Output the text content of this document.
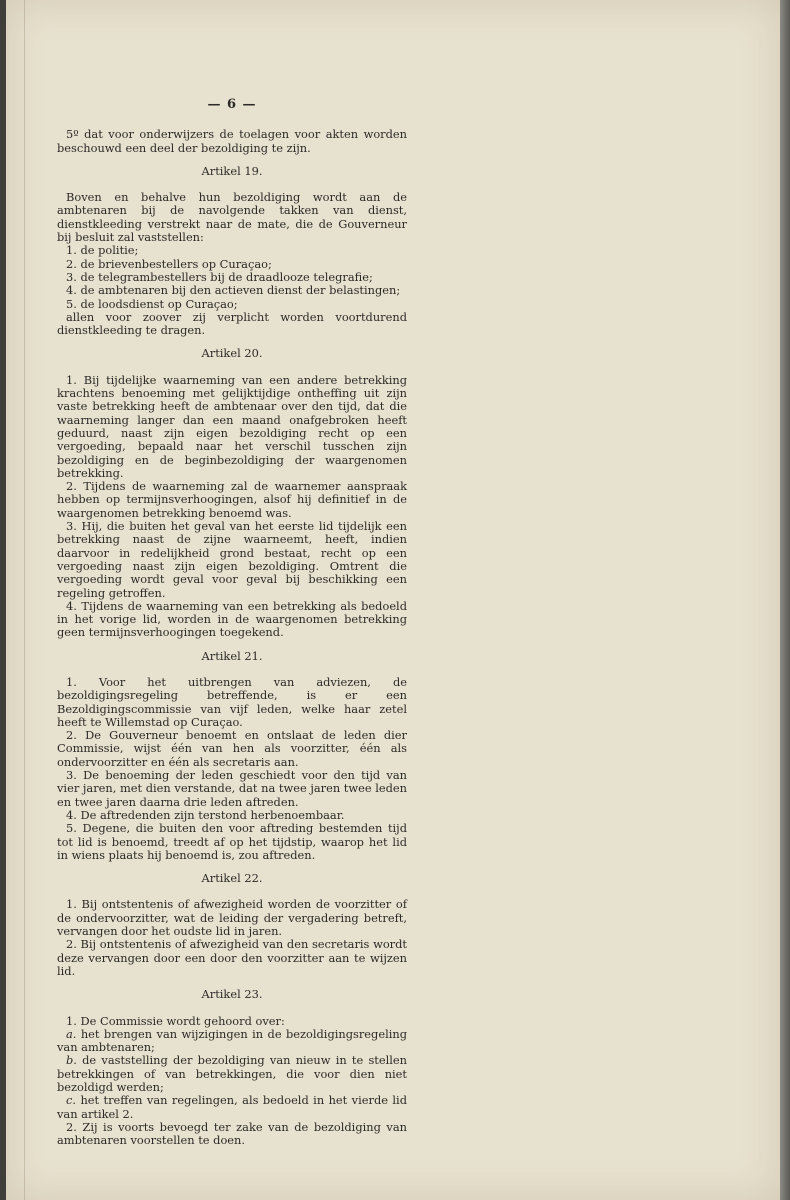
— 6 —

5º dat voor onderwijzers de toelagen voor akten worden beschouwd een deel der bezoldiging te zijn.

Artikel 19.

Boven en behalve hun bezoldiging wordt aan de ambtenaren bij de navolgende takken van dienst, dienstkleeding verstrekt naar de mate, die de Gouverneur bij besluit zal vaststellen:

1. de politie;

2. de brievenbestellers op Curaçao;

3. de telegrambestellers bij de draadlooze telegrafie;

4. de ambtenaren bij den actieven dienst der belastingen;

5. de loodsdienst op Curaçao;

allen voor zoover zij verplicht worden voortdurend dienstkleeding te dragen.

Artikel 20.

1. Bij tijdelijke waarneming van een andere betrekking krachtens benoeming met gelijktijdige ontheffing uit zijn vaste betrekking heeft de ambtenaar over den tijd, dat die waarneming langer dan een maand onafgebroken heeft geduurd, naast zijn eigen bezoldiging recht op een vergoeding, bepaald naar het verschil tusschen zijn bezoldiging en de beginbezoldiging der waargenomen betrekking.

2. Tijdens de waarneming zal de waarnemer aanspraak hebben op termijnsverhoogingen, alsof hij definitief in de waargenomen betrekking benoemd was.

3. Hij, die buiten het geval van het eerste lid tijdelijk een betrekking naast de zijne waarneemt, heeft, indien daarvoor in redelijkheid grond bestaat, recht op een vergoeding naast zijn eigen bezoldiging. Omtrent die vergoeding wordt geval voor geval bij beschikking een regeling getroffen.

4. Tijdens de waarneming van een betrekking als bedoeld in het vorige lid, worden in de waargenomen betrekking geen termijnsverhoogingen toegekend.

Artikel 21.

1. Voor het uitbrengen van adviezen, de bezoldigingsregeling betreffende, is er een Bezoldigingscommissie van vijf leden, welke haar zetel heeft te Willemstad op Curaçao.

2. De Gouverneur benoemt en ontslaat de leden dier Commissie, wijst één van hen als voorzitter, één als ondervoorzitter en één als secretaris aan.

3. De benoeming der leden geschiedt voor den tijd van vier jaren, met dien verstande, dat na twee jaren twee leden en twee jaren daarna drie leden aftreden.

4. De aftredenden zijn terstond herbenoembaar.

5. Degene, die buiten den voor aftreding bestemden tijd tot lid is benoemd, treedt af op het tijdstip, waarop het lid in wiens plaats hij benoemd is, zou aftreden.

Artikel 22.

1. Bij ontstentenis of afwezigheid worden de voorzitter of de ondervoorzitter, wat de leiding der vergadering betreft, vervangen door het oudste lid in jaren.

2. Bij ontstentenis of afwezigheid van den secretaris wordt deze vervangen door een door den voorzitter aan te wijzen lid.

Artikel 23.

1. De Commissie wordt gehoord over:

a. het brengen van wijzigingen in de bezoldigingsregeling van ambtenaren;

b. de vaststelling der bezoldiging van nieuw in te stellen betrekkingen of van betrekkingen, die voor dien niet bezoldigd werden;

c. het treffen van regelingen, als bedoeld in het vierde lid van artikel 2.

2. Zij is voorts bevoegd ter zake van de bezoldiging van ambtenaren voorstellen te doen.
